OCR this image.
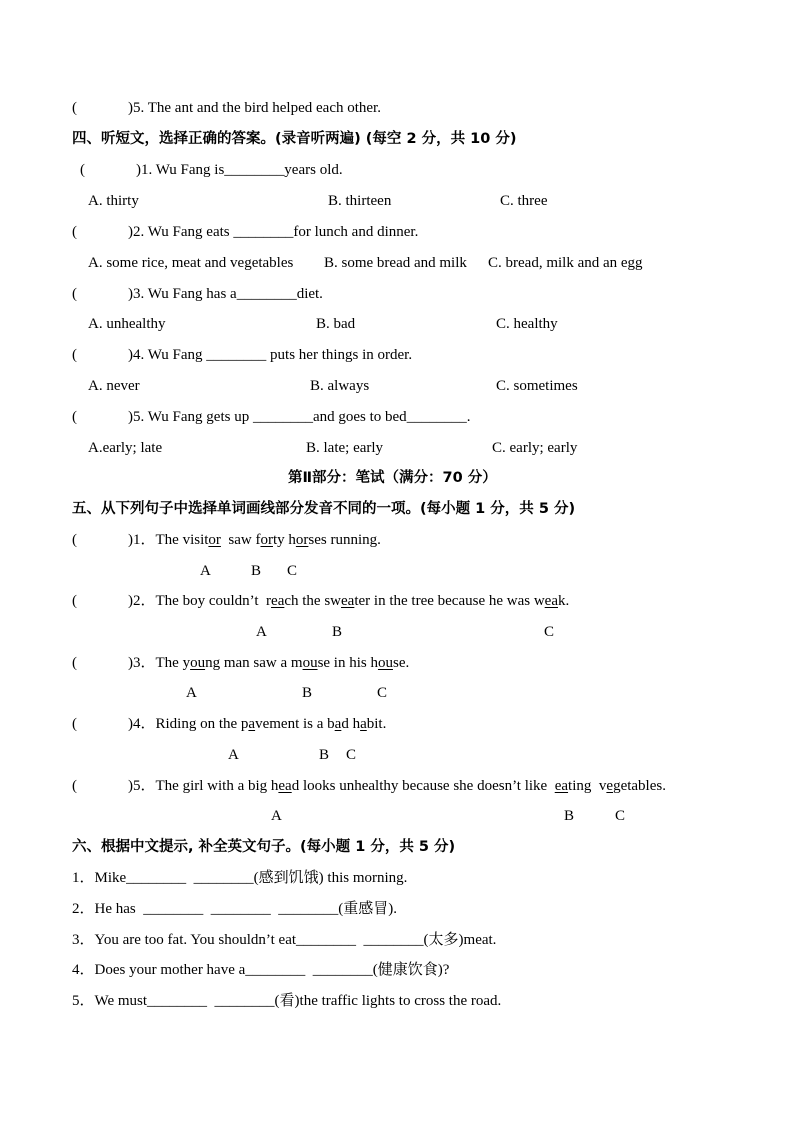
(	)5. The ant and the bird helped each other.
四、听短文，选择正确的答案。(录音听两遍) (每空 2 分，共 10 分)
(	)1. Wu Fang is________years old.
A. thirty	B. thirteen	C. three
(	)2. Wu Fang eats ________for lunch and dinner.
A. some rice, meat and vegetables B. some bread and milk C. bread, milk and an egg
(	)3. Wu Fang has a________diet.
A. unhealthy	B. bad	C. healthy
(	)4. Wu Fang ________ puts her things in order.
A. never	B. always	C. sometimes
(	)5. Wu Fang gets up ________and goes to bed________.
A.early; late	B. late; early	C. early; early
第Ⅱ部分：笔试（满分：70 分）
五、从下列句子中选择单词画线部分发音不同的一项。(每小题 1 分，共 5 分)
(	)1．The visitor  saw forty horses running.
A	B C
(	)2．The boy couldn’t  reach the sweater in the tree because he was weak.
A	B	C
(	)3．The young man saw a mouse in his house.
A	B	C
(	)4．Riding on the pavement is a bad habit.
A	B C
(	)5．The girl with a big head looks unhealthy because she doesn’t like  eating  vegetables.
A	B	C
六、根据中文提示, 补全英文句子。(每小题 1 分，共 5 分)
1．Mike________  ________(感到饥饿) this morning.
2．He has  ________  ________  ________(重感冒).
3．You are too fat. You shouldn’t eat________  ________(太多)meat.
4．Does your mother have a________  ________(健康饮食)?
5．We must________  ________(看)the traffic lights to cross the road.
